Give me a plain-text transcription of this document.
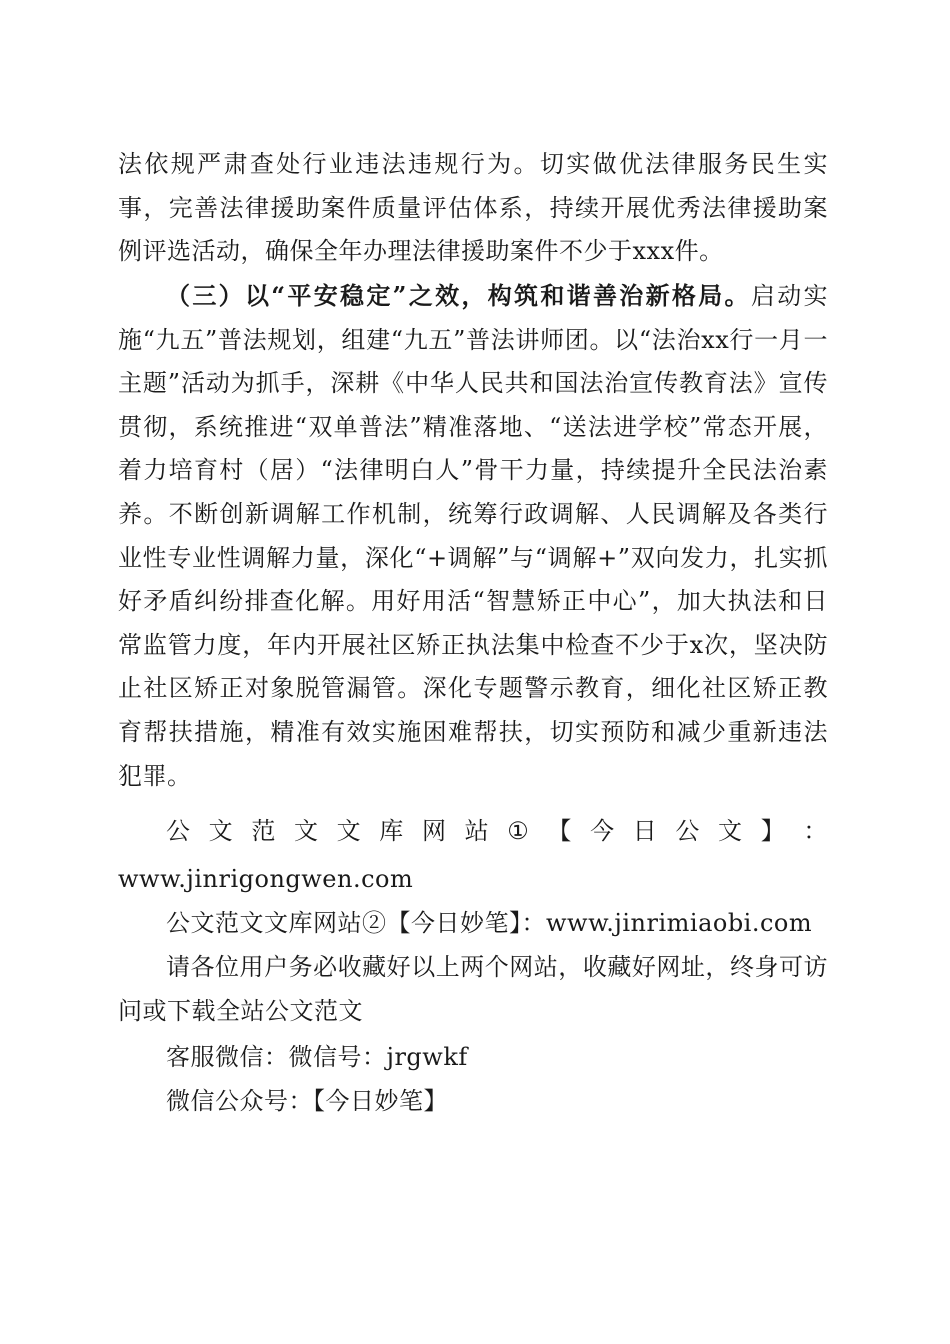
法依规严肃查处行业违法违规行为。切实做优法律服务民生实事，完善法律援助案件质量评估体系，持续开展优秀法律援助案例评选活动，确保全年办理法律援助案件不少于xxx件。
（三）以“平安稳定”之效，构筑和谐善治新格局。启动实施“九五”普法规划，组建“九五”普法讲师团。以“法治xx行一月一主题”活动为抓手，深耕《中华人民共和国法治宣传教育法》宣传贯彻，系统推进“双单普法”精准落地、“送法进学校”常态开展，着力培育村（居）“法律明白人”骨干力量，持续提升全民法治素养。不断创新调解工作机制，统筹行政调解、人民调解及各类行业性专业性调解力量，深化“+调解”与“调解+”双向发力，扎实抓好矛盾纠纷排查化解。用好用活“智慧矫正中心”，加大执法和日常监管力度，年内开展社区矫正执法集中检查不少于x次，坚决防止社区矫正对象脱管漏管。深化专题警示教育，细化社区矫正教育帮扶措施，精准有效实施困难帮扶，切实预防和减少重新违法犯罪。
公 文 范 文 文 库 网 站 ① 【 今 日 公 文 】 ：
www.jinrigongwen.com
公文范文文库网站②【今日妙笔】：www.jinrimiaobi.com
请各位用户务必收藏好以上两个网站，收藏好网址，终身可访问或下载全站公文范文
客服微信：微信号：jrgwkf
微信公众号：【今日妙笔】
